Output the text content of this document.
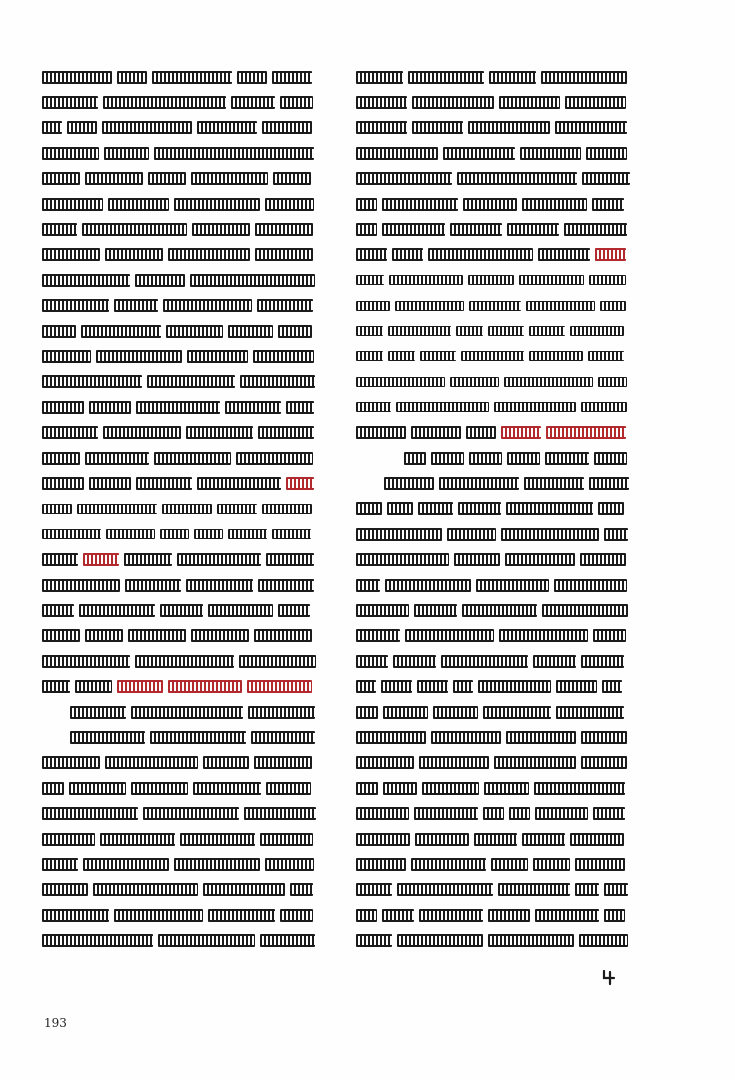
193
